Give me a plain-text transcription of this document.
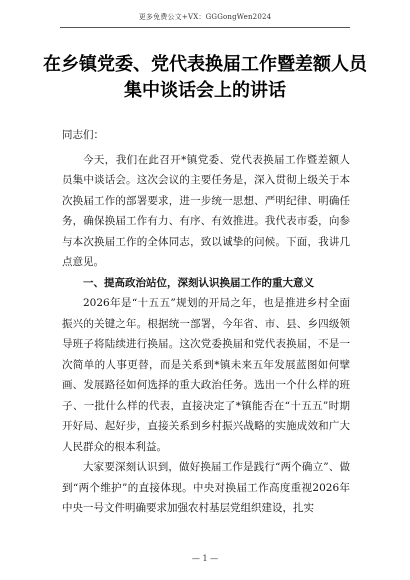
更多免费公文+VX：GGGongWen2024
在乡镇党委、党代表换届工作暨差额人员集中谈话会上的讲话

同志们：

今天，我们在此召开*镇党委、党代表换届工作暨差额人员集中谈话会。这次会议的主要任务是，深入贯彻上级关于本次换届工作的部署要求，进一步统一思想、严明纪律、明确任务，确保换届工作有力、有序、有效推进。我代表市委，向参与本次换届工作的全体同志，致以诚挚的问候。下面，我讲几点意见。

一、提高政治站位，深刻认识换届工作的重大意义

2026年是“十五五”规划的开局之年，也是推进乡村全面振兴的关键之年。根据统一部署，今年省、市、县、乡四级领导班子将陆续进行换届。这次党委换届和党代表换届，不是一次简单的人事更替，而是关系到*镇未来五年发展蓝图如何擘画、发展路径如何选择的重大政治任务。选出一个什么样的班子、一批什么样的代表，直接决定了*镇能否在“十五五”时期开好局、起好步，直接关系到乡村振兴战略的实施成效和广大人民群众的根本利益。

大家要深刻认识到，做好换届工作是践行“两个确立”、做到“两个维护”的直接体现。中央对换届工作高度重视2026年中央一号文件明确要求加强农村基层党组织建设，扎实

— 1 —
